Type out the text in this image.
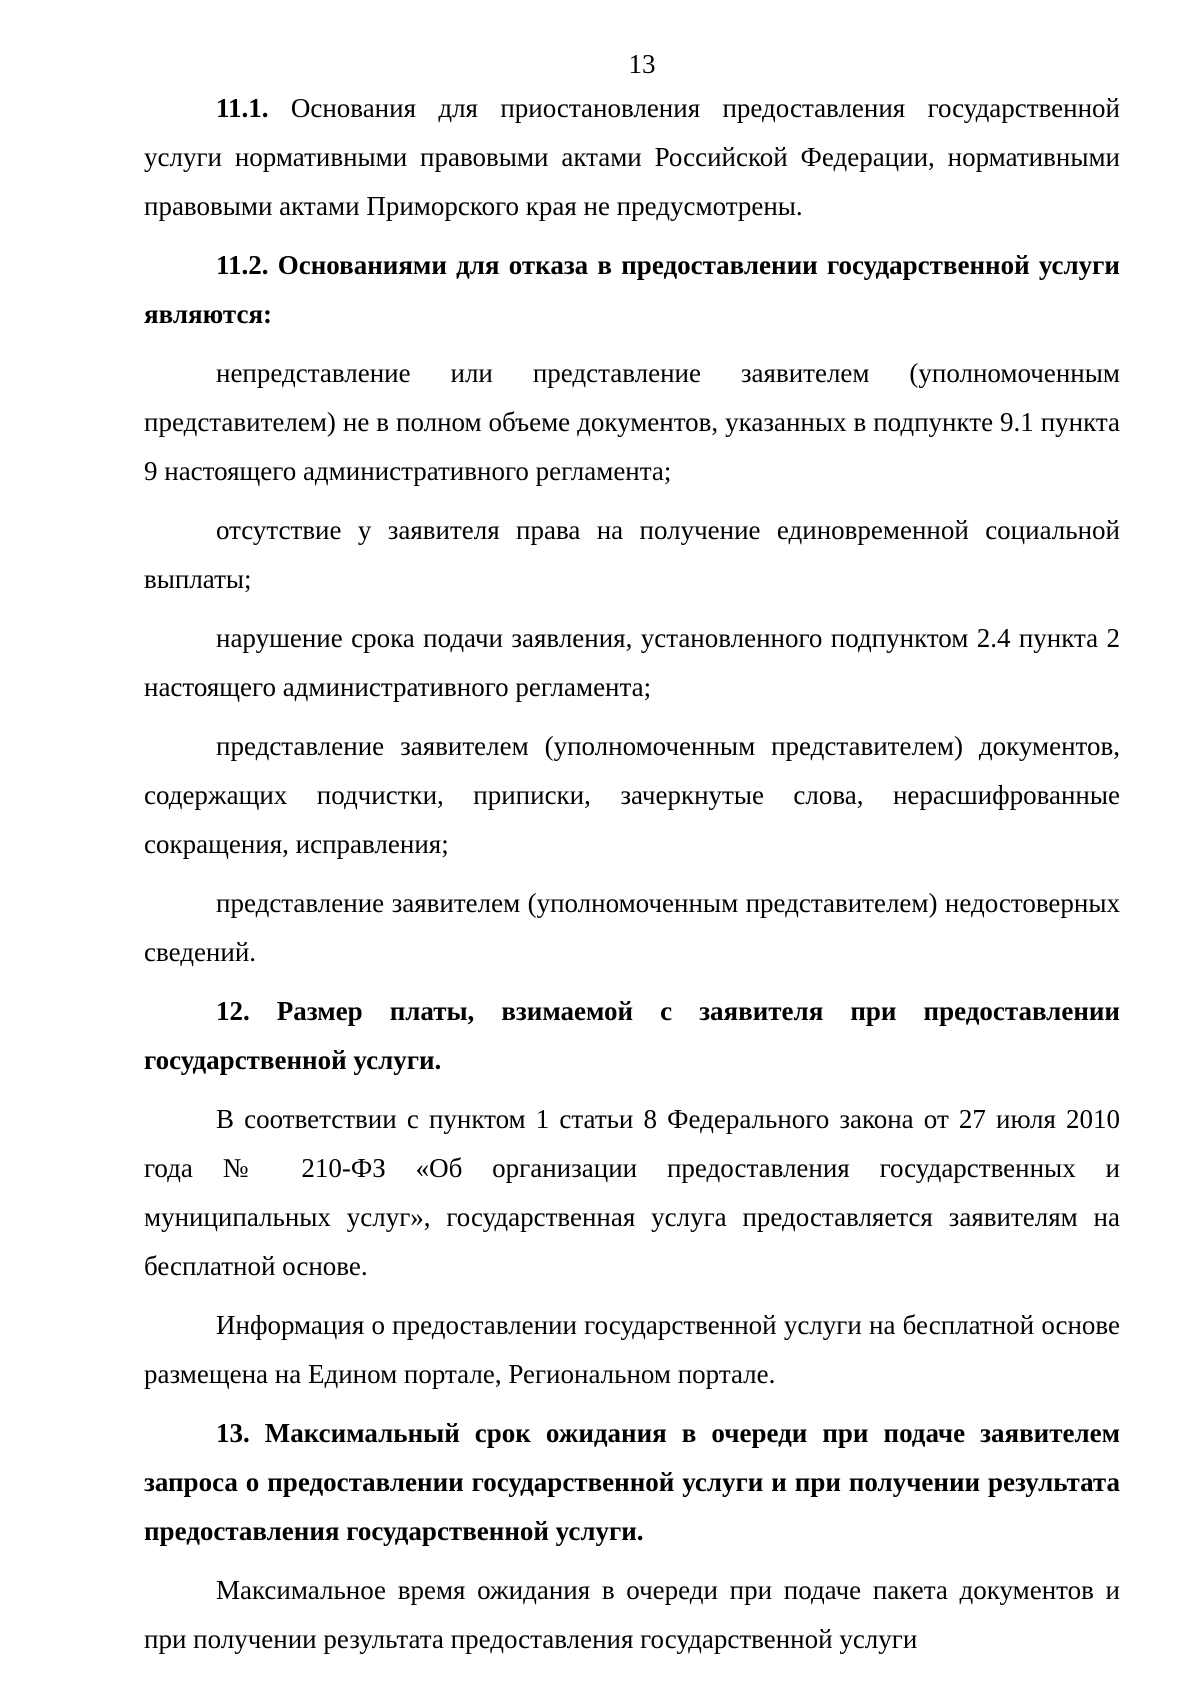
13

11.1. Основания для приостановления предоставления государственной услуги нормативными правовыми актами Российской Федерации, нормативными правовыми актами Приморского края не предусмотрены.

11.2. Основаниями для отказа в предоставлении государственной услуги являются:

непредставление или представление заявителем (уполномоченным представителем) не в полном объеме документов, указанных в подпункте 9.1 пункта 9 настоящего административного регламента;

отсутствие у заявителя права на получение единовременной социальной выплаты;

нарушение срока подачи заявления, установленного подпунктом 2.4 пункта 2 настоящего административного регламента;

представление заявителем (уполномоченным представителем) документов, содержащих подчистки, приписки, зачеркнутые слова, нерасшифрованные сокращения, исправления;

представление заявителем (уполномоченным представителем) недостоверных сведений.

12. Размер платы, взимаемой с заявителя при предоставлении государственной услуги.

В соответствии с пунктом 1 статьи 8 Федерального закона от 27 июля 2010 года № 210-ФЗ «Об организации предоставления государственных и муниципальных услуг», государственная услуга предоставляется заявителям на бесплатной основе.

Информация о предоставлении государственной услуги на бесплатной основе размещена на Едином портале, Региональном портале.

13. Максимальный срок ожидания в очереди при подаче заявителем запроса о предоставлении государственной услуги и при получении результата предоставления государственной услуги.

Максимальное время ожидания в очереди при подаче пакета документов и при получении результата предоставления государственной услуги
